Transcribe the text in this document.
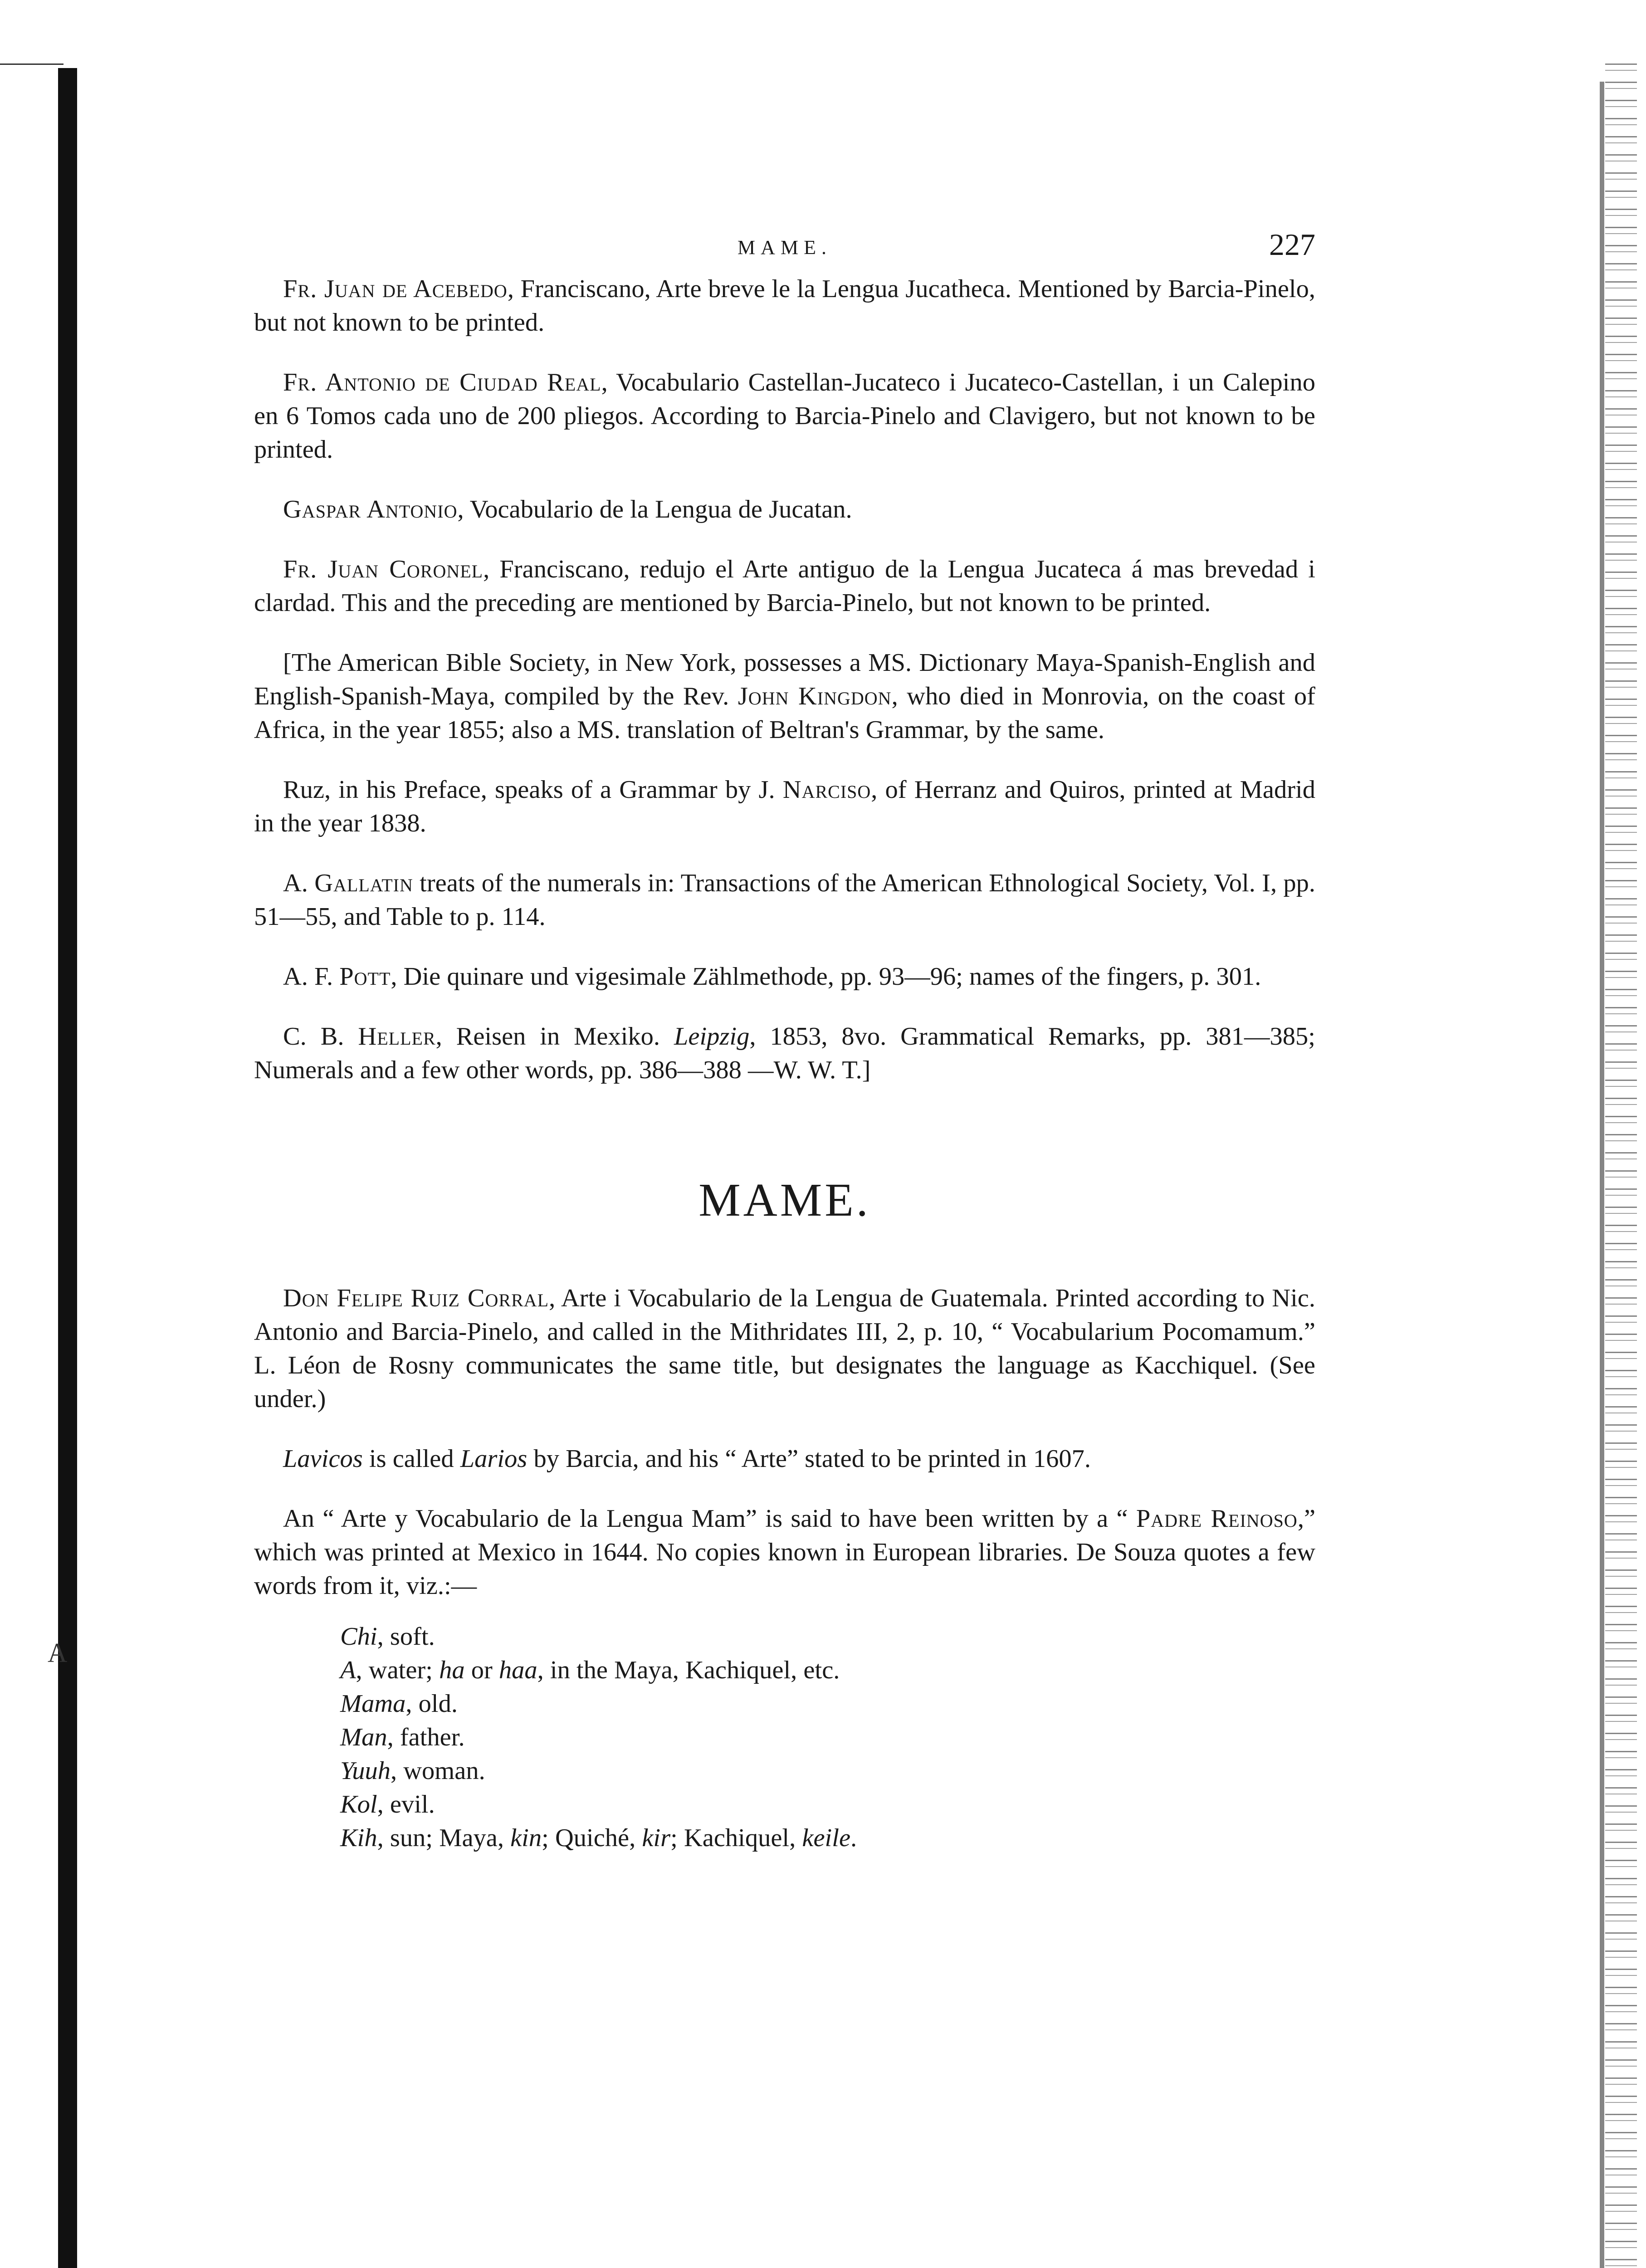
MAME.	227

Fr. Juan de Acebedo, Franciscano, Arte breve le la Lengua Jucatheca. Mentioned by Barcia-Pinelo, but not known to be printed.

Fr. Antonio de Ciudad Real, Vocabulario Castellan-Jucateco i Jucateco-Castellan, i un Calepino en 6 Tomos cada uno de 200 pliegos. According to Barcia-Pinelo and Clavigero, but not known to be printed.

Gaspar Antonio, Vocabulario de la Lengua de Jucatan.

Fr. Juan Coronel, Franciscano, redujo el Arte antiguo de la Lengua Jucateca á mas brevedad i clardad. This and the preceding are mentioned by Barcia-Pinelo, but not known to be printed.

[The American Bible Society, in New York, possesses a MS. Dictionary Maya-Spanish-English and English-Spanish-Maya, compiled by the Rev. John Kingdon, who died in Monrovia, on the coast of Africa, in the year 1855; also a MS. translation of Beltran's Grammar, by the same.

Ruz, in his Preface, speaks of a Grammar by J. Narciso, of Herranz and Quiros, printed at Madrid in the year 1838.

A. Gallatin treats of the numerals in: Transactions of the American Ethnological Society, Vol. I, pp. 51—55, and Table to p. 114.

A. F. Pott, Die quinare und vigesimale Zählmethode, pp. 93—96; names of the fingers, p. 301.

C. B. Heller, Reisen in Mexiko. Leipzig, 1853, 8vo. Grammatical Remarks, pp. 381—385; Numerals and a few other words, pp. 386—388 —W. W. T.]

MAME.

Don Felipe Ruiz Corral, Arte i Vocabulario de la Lengua de Guatemala. Printed according to Nic. Antonio and Barcia-Pinelo, and called in the Mithridates III, 2, p. 10, “ Vocabularium Pocomamum.” L. Léon de Rosny communicates the same title, but designates the language as Kacchiquel. (See under.)

Lavicos is called Larios by Barcia, and his “ Arte” stated to be printed in 1607.

An “ Arte y Vocabulario de la Lengua Mam” is said to have been written by a “ Padre Reinoso,” which was printed at Mexico in 1644. No copies known in European libraries. De Souza quotes a few words from it, viz.:—

Chi, soft.
A, water; ha or haa, in the Maya, Kachiquel, etc.
Mama, old.
Man, father.
Yuuh, woman.
Kol, evil.
Kih, sun; Maya, kin; Quiché, kir; Kachiquel, keile.
A
